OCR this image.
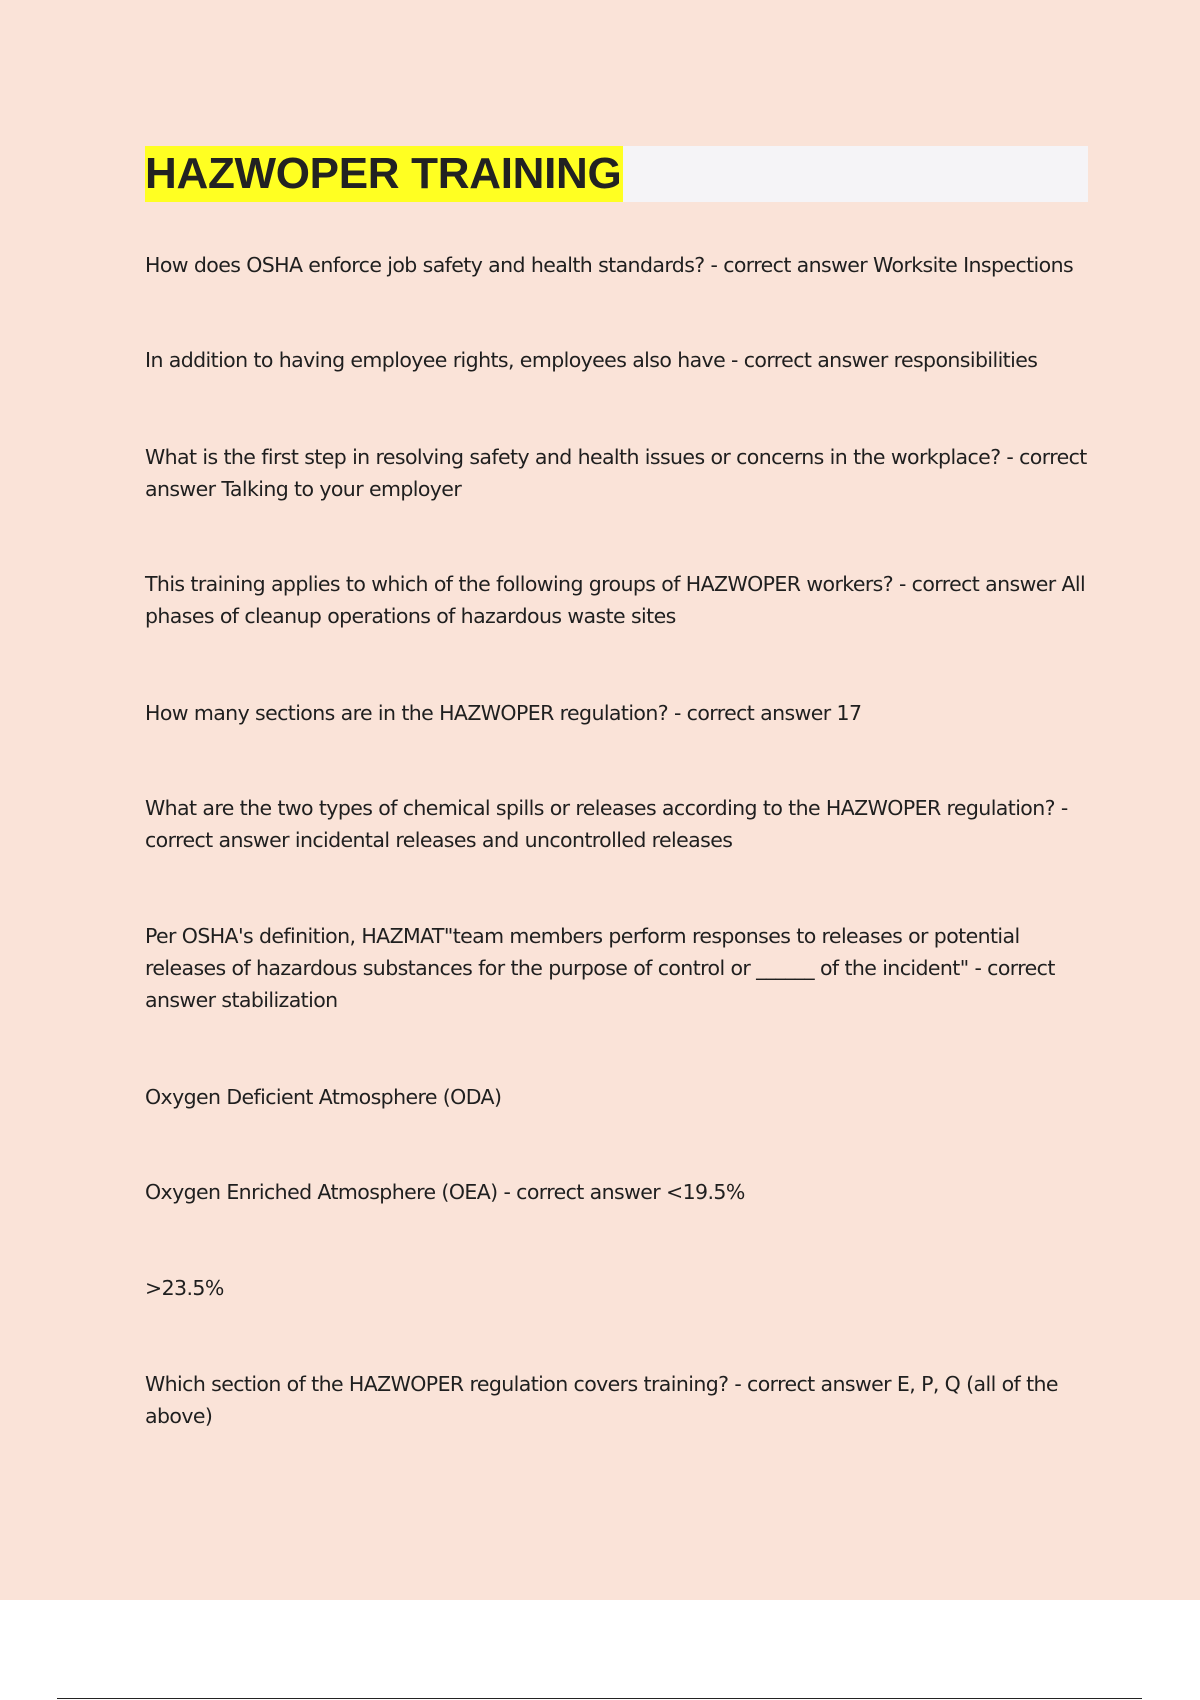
HAZWOPER TRAINING

How does OSHA enforce job safety and health standards? - correct answer Worksite Inspections

In addition to having employee rights, employees also have - correct answer responsibilities

What is the first step in resolving safety and health issues or concerns in the workplace? - correct answer Talking to your employer

This training applies to which of the following groups of HAZWOPER workers? - correct answer All phases of cleanup operations of hazardous waste sites

How many sections are in the HAZWOPER regulation? - correct answer 17

What are the two types of chemical spills or releases according to the HAZWOPER regulation? - correct answer incidental releases and uncontrolled releases

Per OSHA's definition, HAZMAT"team members perform responses to releases or potential releases of hazardous substances for the purpose of control or ______ of the incident" - correct answer stabilization

Oxygen Deficient Atmosphere (ODA)

Oxygen Enriched Atmosphere (OEA) - correct answer <19.5%

>23.5%

Which section of the HAZWOPER regulation covers training? - correct answer E, P, Q (all of the above)
